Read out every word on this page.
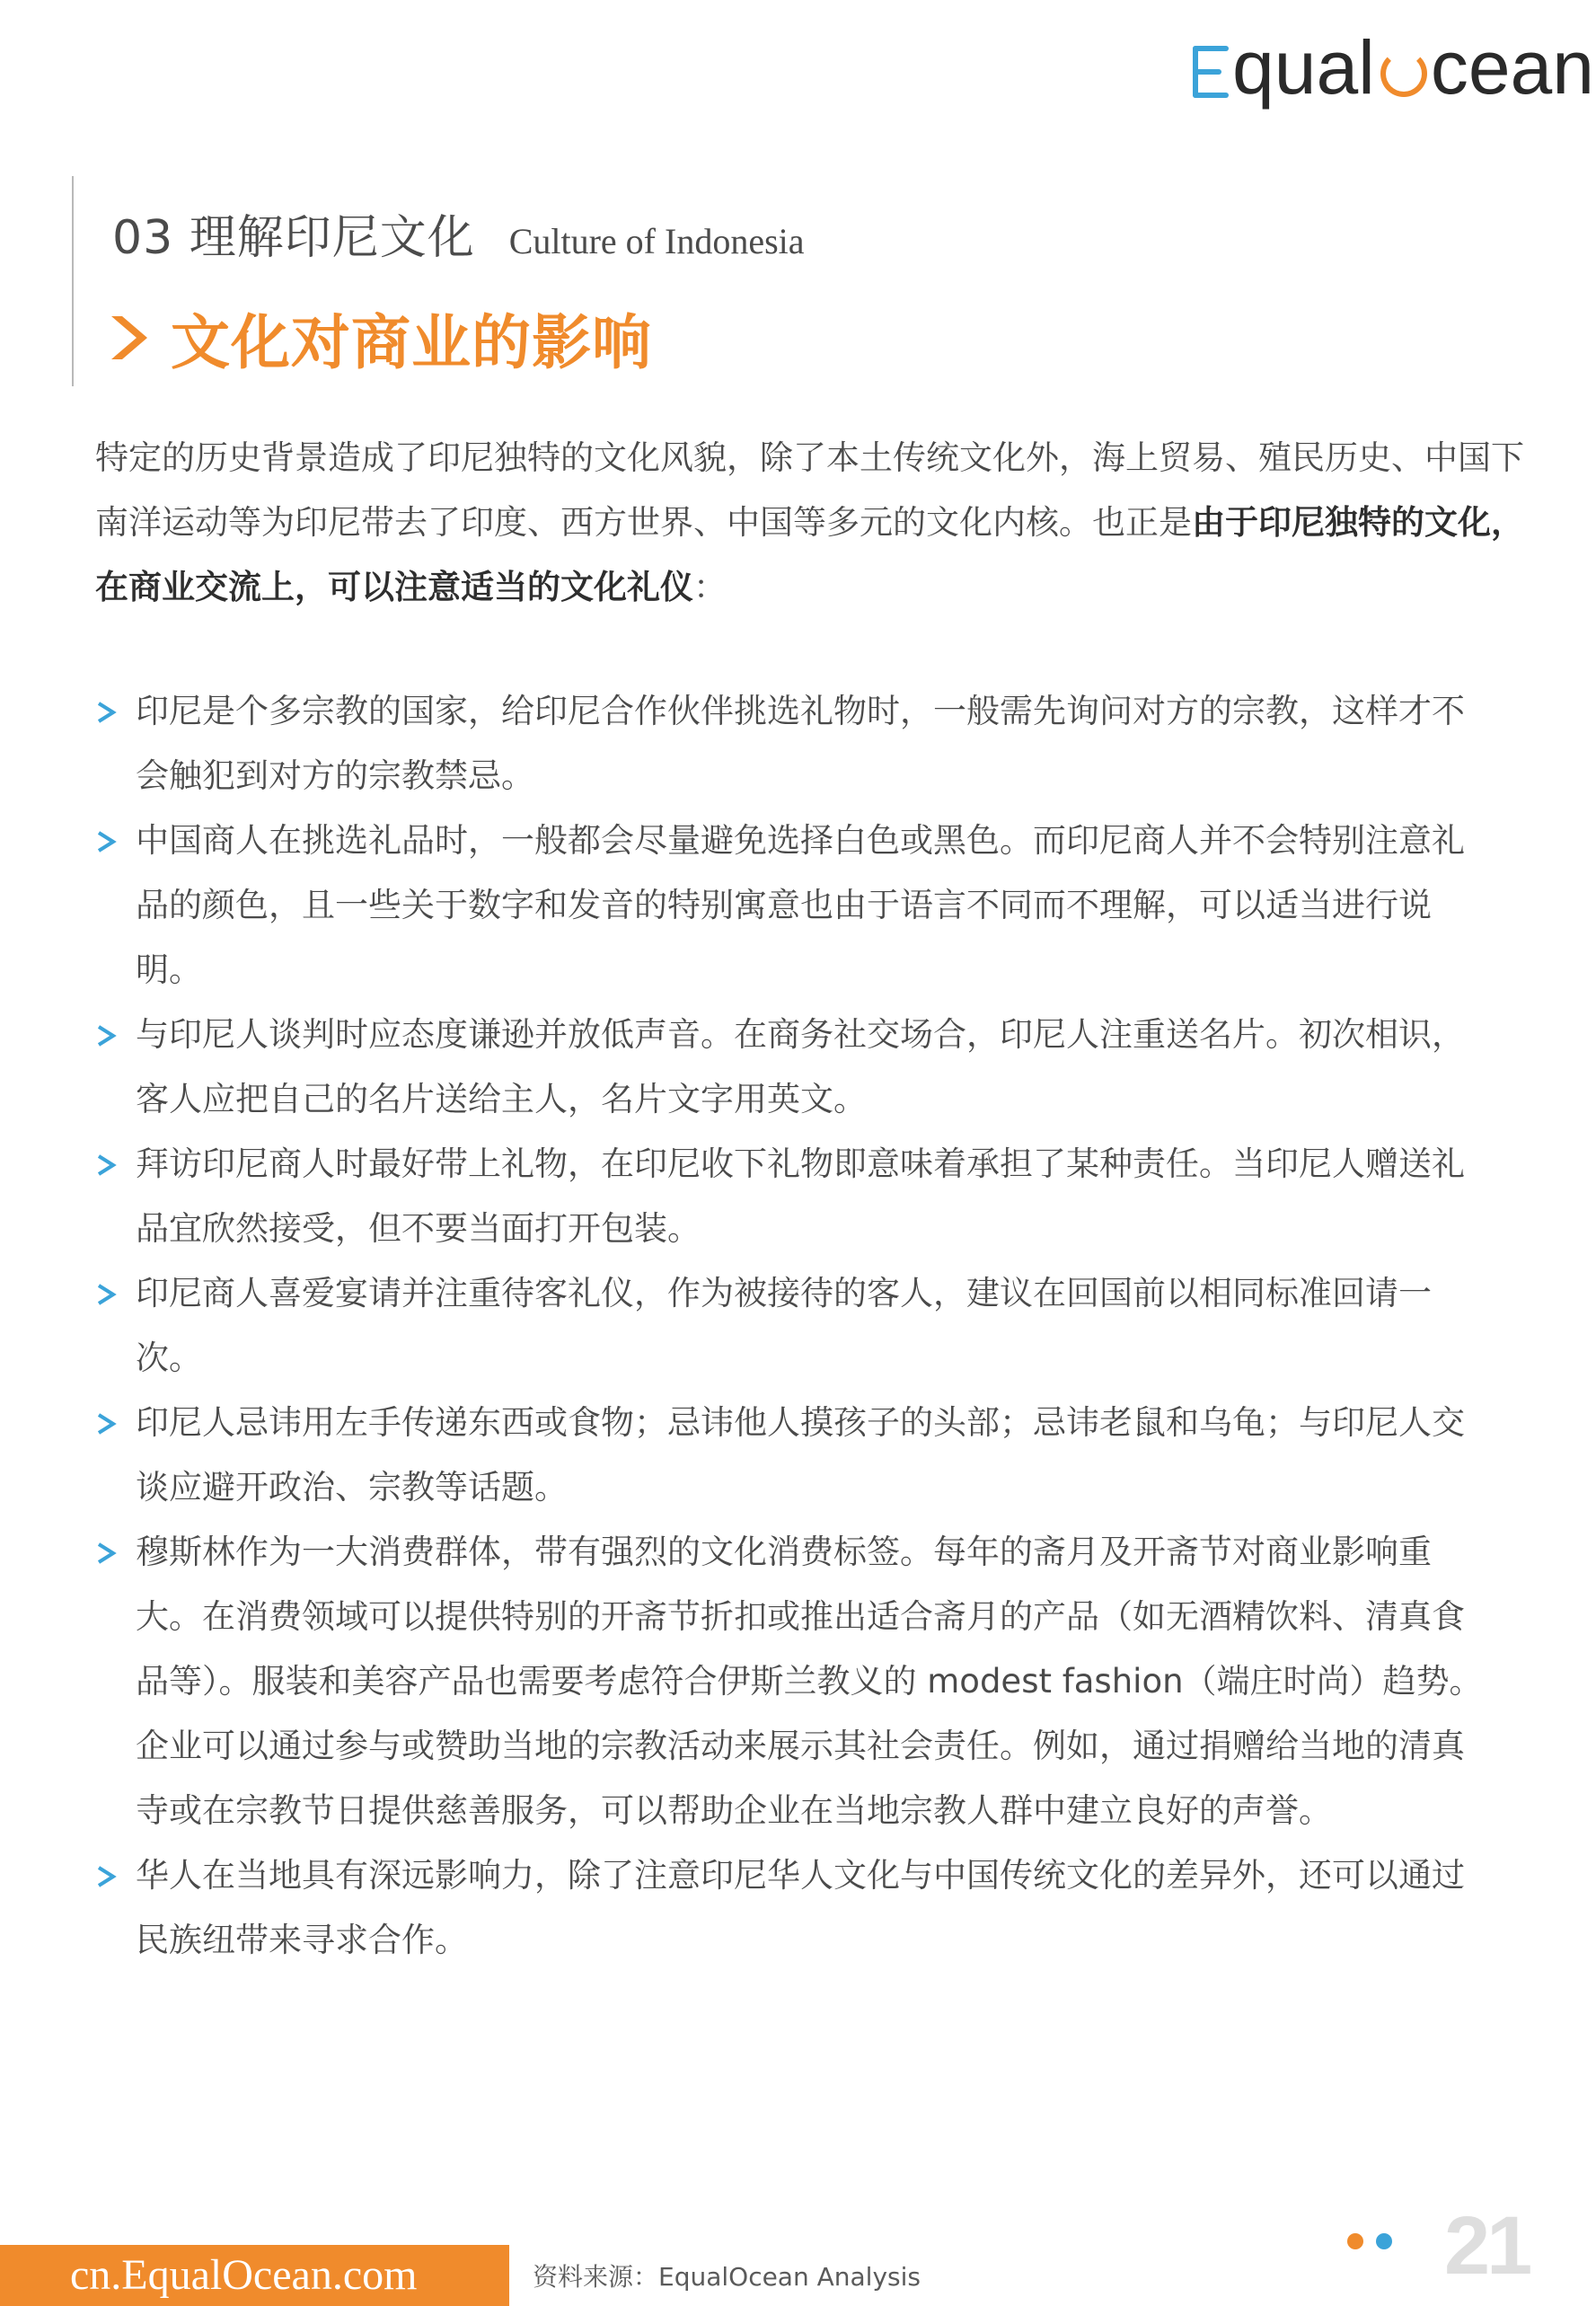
qual cean
03 理解印尼文化 Culture of Indonesia
文化对商业的影响

特定的历史背景造成了印尼独特的文化风貌，除了本土传统文化外，海上贸易、殖民历史、中国下南洋运动等为印尼带去了印度、西方世界、中国等多元的文化内核。也正是由于印尼独特的文化，在商业交流上，可以注意适当的文化礼仪：

印尼是个多宗教的国家，给印尼合作伙伴挑选礼物时，一般需先询问对方的宗教，这样才不会触犯到对方的宗教禁忌。
中国商人在挑选礼品时，一般都会尽量避免选择白色或黑色。而印尼商人并不会特别注意礼品的颜色，且一些关于数字和发音的特别寓意也由于语言不同而不理解，可以适当进行说明。
与印尼人谈判时应态度谦逊并放低声音。在商务社交场合，印尼人注重送名片。初次相识，客人应把自己的名片送给主人，名片文字用英文。
拜访印尼商人时最好带上礼物，在印尼收下礼物即意味着承担了某种责任。当印尼人赠送礼品宜欣然接受，但不要当面打开包装。
印尼商人喜爱宴请并注重待客礼仪，作为被接待的客人，建议在回国前以相同标准回请一次。
印尼人忌讳用左手传递东西或食物；忌讳他人摸孩子的头部；忌讳老鼠和乌龟；与印尼人交谈应避开政治、宗教等话题。
穆斯林作为一大消费群体，带有强烈的文化消费标签。每年的斋月及开斋节对商业影响重大。在消费领域可以提供特别的开斋节折扣或推出适合斋月的产品（如无酒精饮料、清真食品等）。服装和美容产品也需要考虑符合伊斯兰教义的 modest fashion（端庄时尚）趋势。企业可以通过参与或赞助当地的宗教活动来展示其社会责任。例如，通过捐赠给当地的清真寺或在宗教节日提供慈善服务，可以帮助企业在当地宗教人群中建立良好的声誉。
华人在当地具有深远影响力，除了注意印尼华人文化与中国传统文化的差异外，还可以通过民族纽带来寻求合作。
cn.EqualOcean.com	资料来源：EqualOcean Analysis	21
